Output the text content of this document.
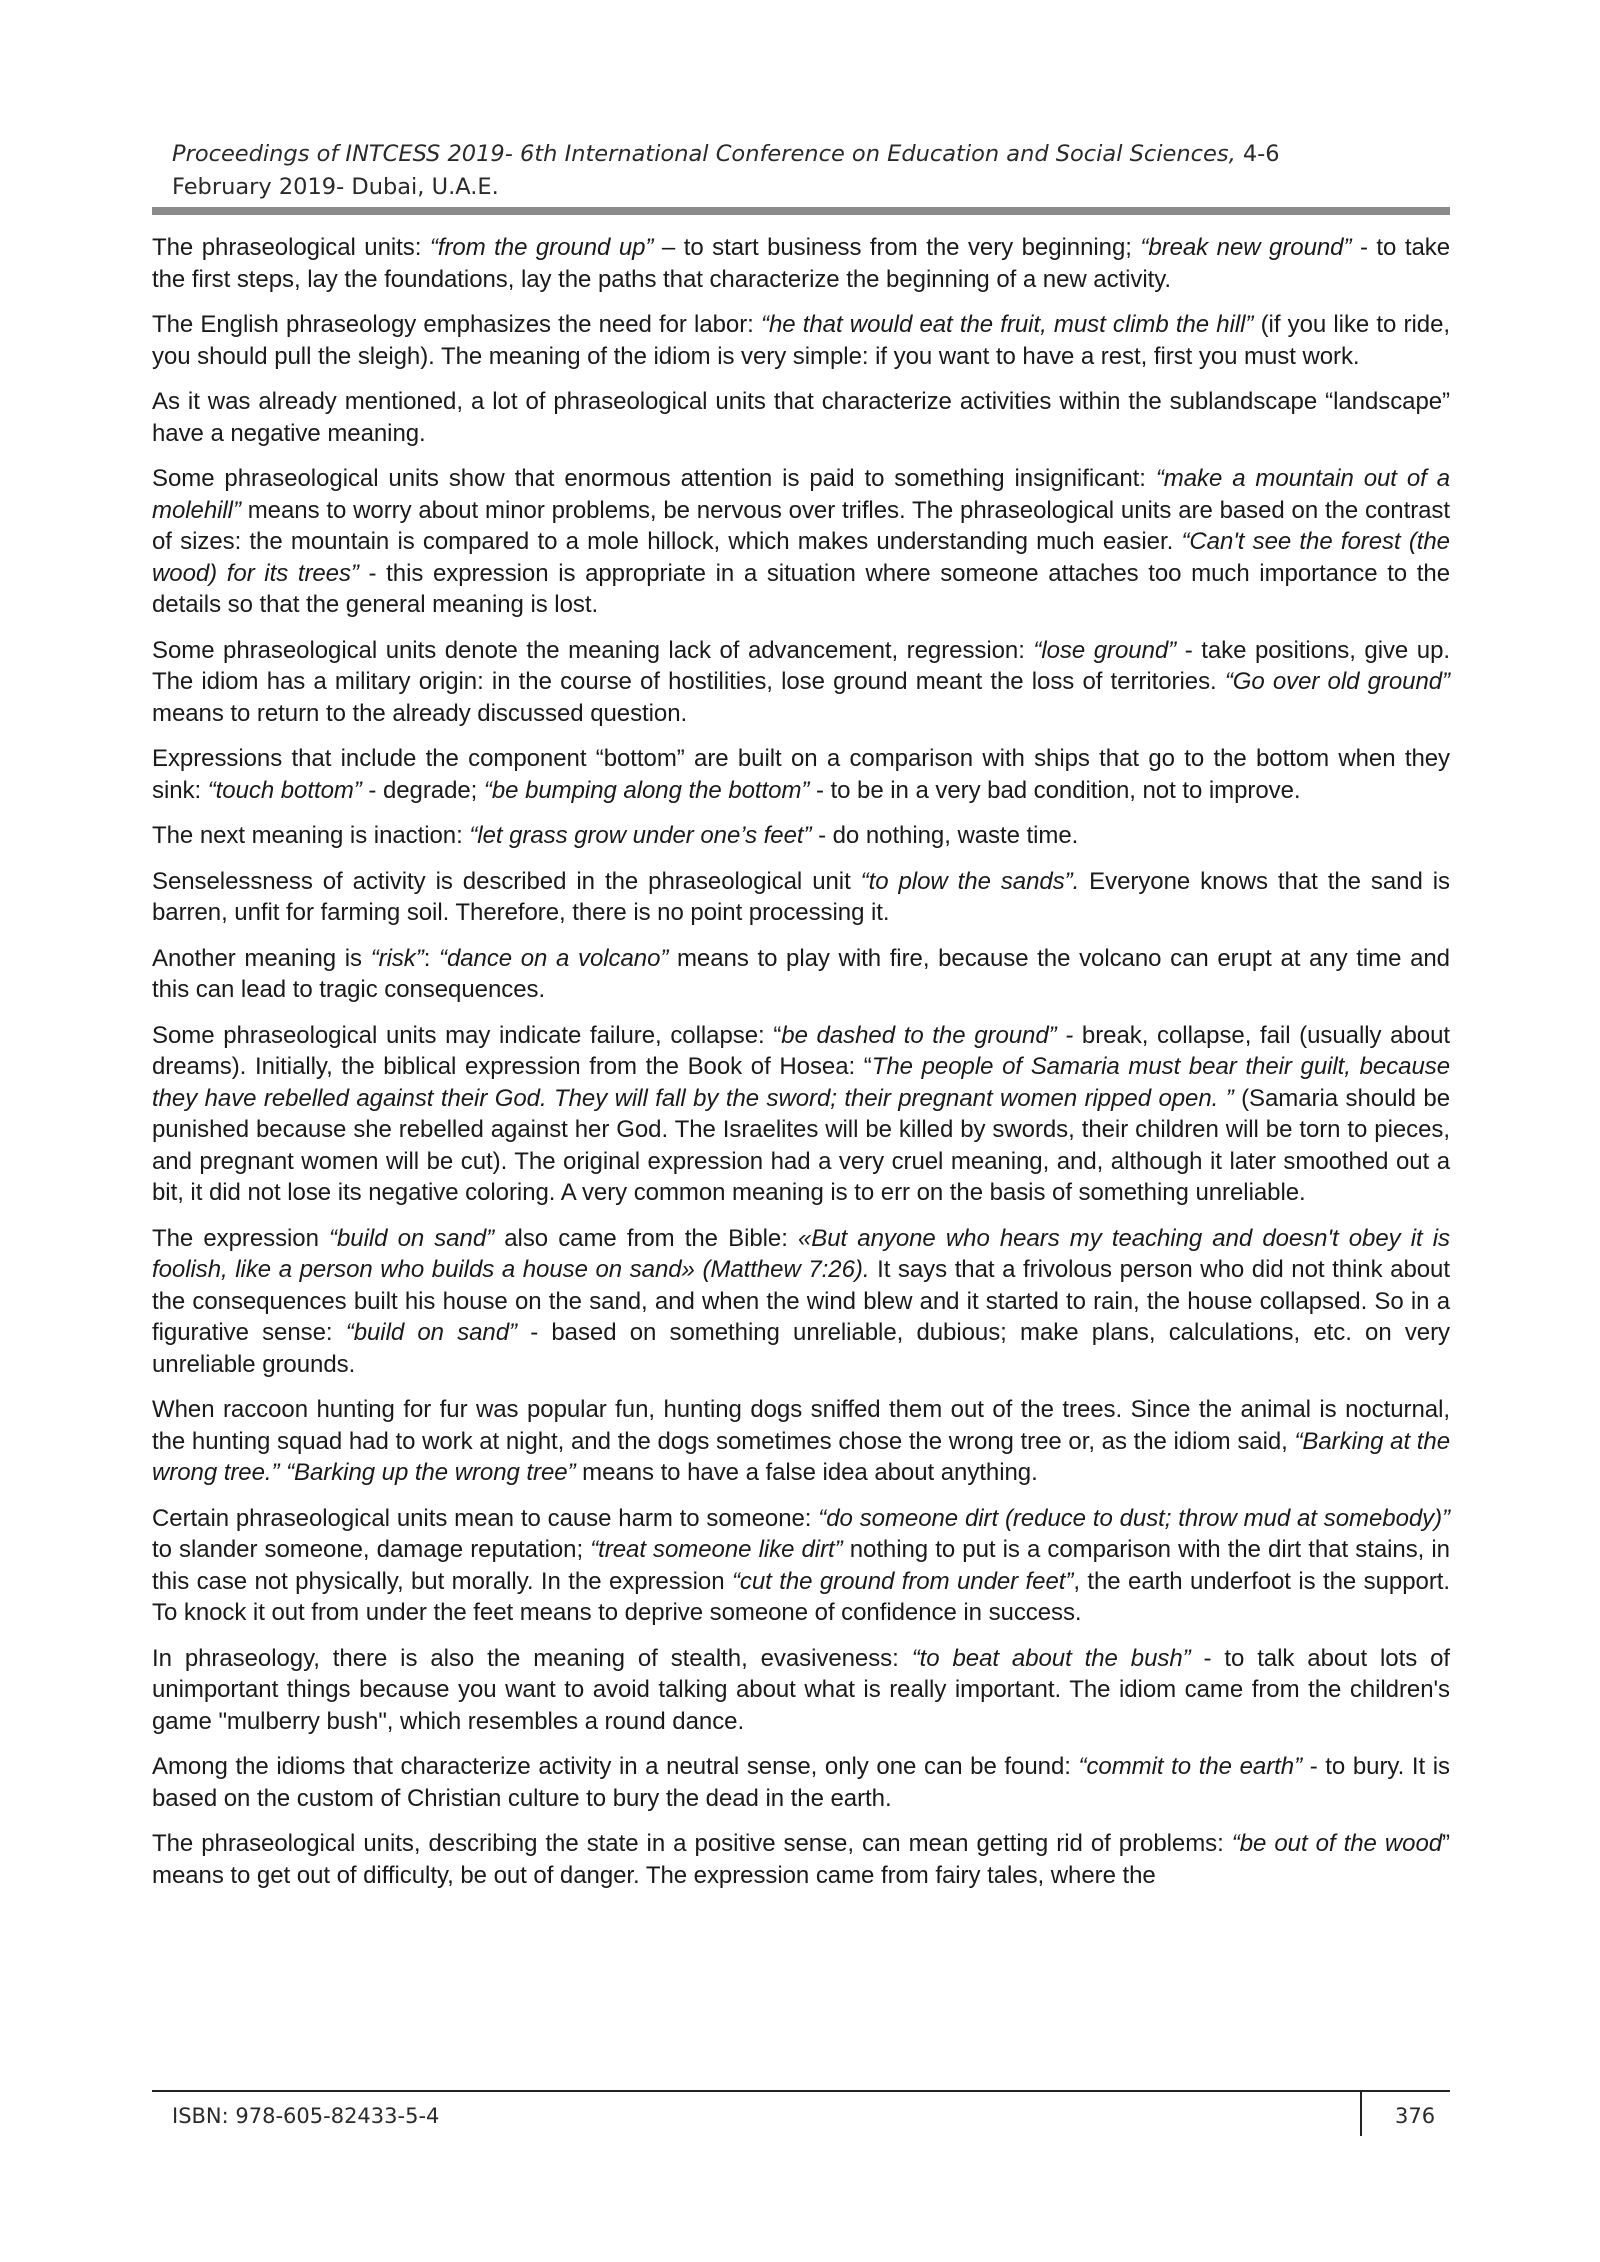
Proceedings of INTCESS 2019- 6th International Conference on Education and Social Sciences, 4-6
February 2019- Dubai, U.A.E.

The phraseological units: “from the ground up” – to start business from the very beginning; “break new ground” - to take the first steps, lay the foundations, lay the paths that characterize the beginning of a new activity.

The English phraseology emphasizes the need for labor: “he that would eat the fruit, must climb the hill” (if you like to ride, you should pull the sleigh). The meaning of the idiom is very simple: if you want to have a rest, first you must work.

As it was already mentioned, a lot of phraseological units that characterize activities within the sublandscape “landscape” have a negative meaning.

Some phraseological units show that enormous attention is paid to something insignificant: “make a mountain out of a molehill” means to worry about minor problems, be nervous over trifles. The phraseological units are based on the contrast of sizes: the mountain is compared to a mole hillock, which makes understanding much easier. “Can't see the forest (the wood) for its trees” - this expression is appropriate in a situation where someone attaches too much importance to the details so that the general meaning is lost.

Some phraseological units denote the meaning lack of advancement, regression: “lose ground” - take positions, give up. The idiom has a military origin: in the course of hostilities, lose ground meant the loss of territories. “Go over old ground” means to return to the already discussed question.

Expressions that include the component “bottom” are built on a comparison with ships that go to the bottom when they sink: “touch bottom” - degrade; “be bumping along the bottom” - to be in a very bad condition, not to improve.

The next meaning is inaction: “let grass grow under one’s feet” - do nothing, waste time.

Senselessness of activity is described in the phraseological unit “to plow the sands”. Everyone knows that the sand is barren, unfit for farming soil. Therefore, there is no point processing it.

Another meaning is “risk”: “dance on a volcano” means to play with fire, because the volcano can erupt at any time and this can lead to tragic consequences.

Some phraseological units may indicate failure, collapse: “be dashed to the ground” - break, collapse, fail (usually about dreams). Initially, the biblical expression from the Book of Hosea: “The people of Samaria must bear their guilt, because they have rebelled against their God. They will fall by the sword; their pregnant women ripped open. ” (Samaria should be punished because she rebelled against her God. The Israelites will be killed by swords, their children will be torn to pieces, and pregnant women will be cut). The original expression had a very cruel meaning, and, although it later smoothed out a bit, it did not lose its negative coloring. A very common meaning is to err on the basis of something unreliable.

The expression “build on sand” also came from the Bible: «But anyone who hears my teaching and doesn't obey it is foolish, like a person who builds a house on sand» (Matthew 7:26). It says that a frivolous person who did not think about the consequences built his house on the sand, and when the wind blew and it started to rain, the house collapsed. So in a figurative sense: “build on sand” - based on something unreliable, dubious; make plans, calculations, etc. on very unreliable grounds.

When raccoon hunting for fur was popular fun, hunting dogs sniffed them out of the trees. Since the animal is nocturnal, the hunting squad had to work at night, and the dogs sometimes chose the wrong tree or, as the idiom said, “Barking at the wrong tree.” “Barking up the wrong tree” means to have a false idea about anything.

Certain phraseological units mean to cause harm to someone: “do someone dirt (reduce to dust; throw mud at somebody)” to slander someone, damage reputation; “treat someone like dirt” nothing to put is a comparison with the dirt that stains, in this case not physically, but morally. In the expression “cut the ground from under feet”, the earth underfoot is the support. To knock it out from under the feet means to deprive someone of confidence in success.

In phraseology, there is also the meaning of stealth, evasiveness: “to beat about the bush” - to talk about lots of unimportant things because you want to avoid talking about what is really important. The idiom came from the children's game "mulberry bush", which resembles a round dance.

Among the idioms that characterize activity in a neutral sense, only one can be found: “commit to the earth” - to bury. It is based on the custom of Christian culture to bury the dead in the earth.

The phraseological units, describing the state in a positive sense, can mean getting rid of problems: “be out of the wood” means to get out of difficulty, be out of danger. The expression came from fairy tales, where the

ISBN: 978-605-82433-5-4	376
